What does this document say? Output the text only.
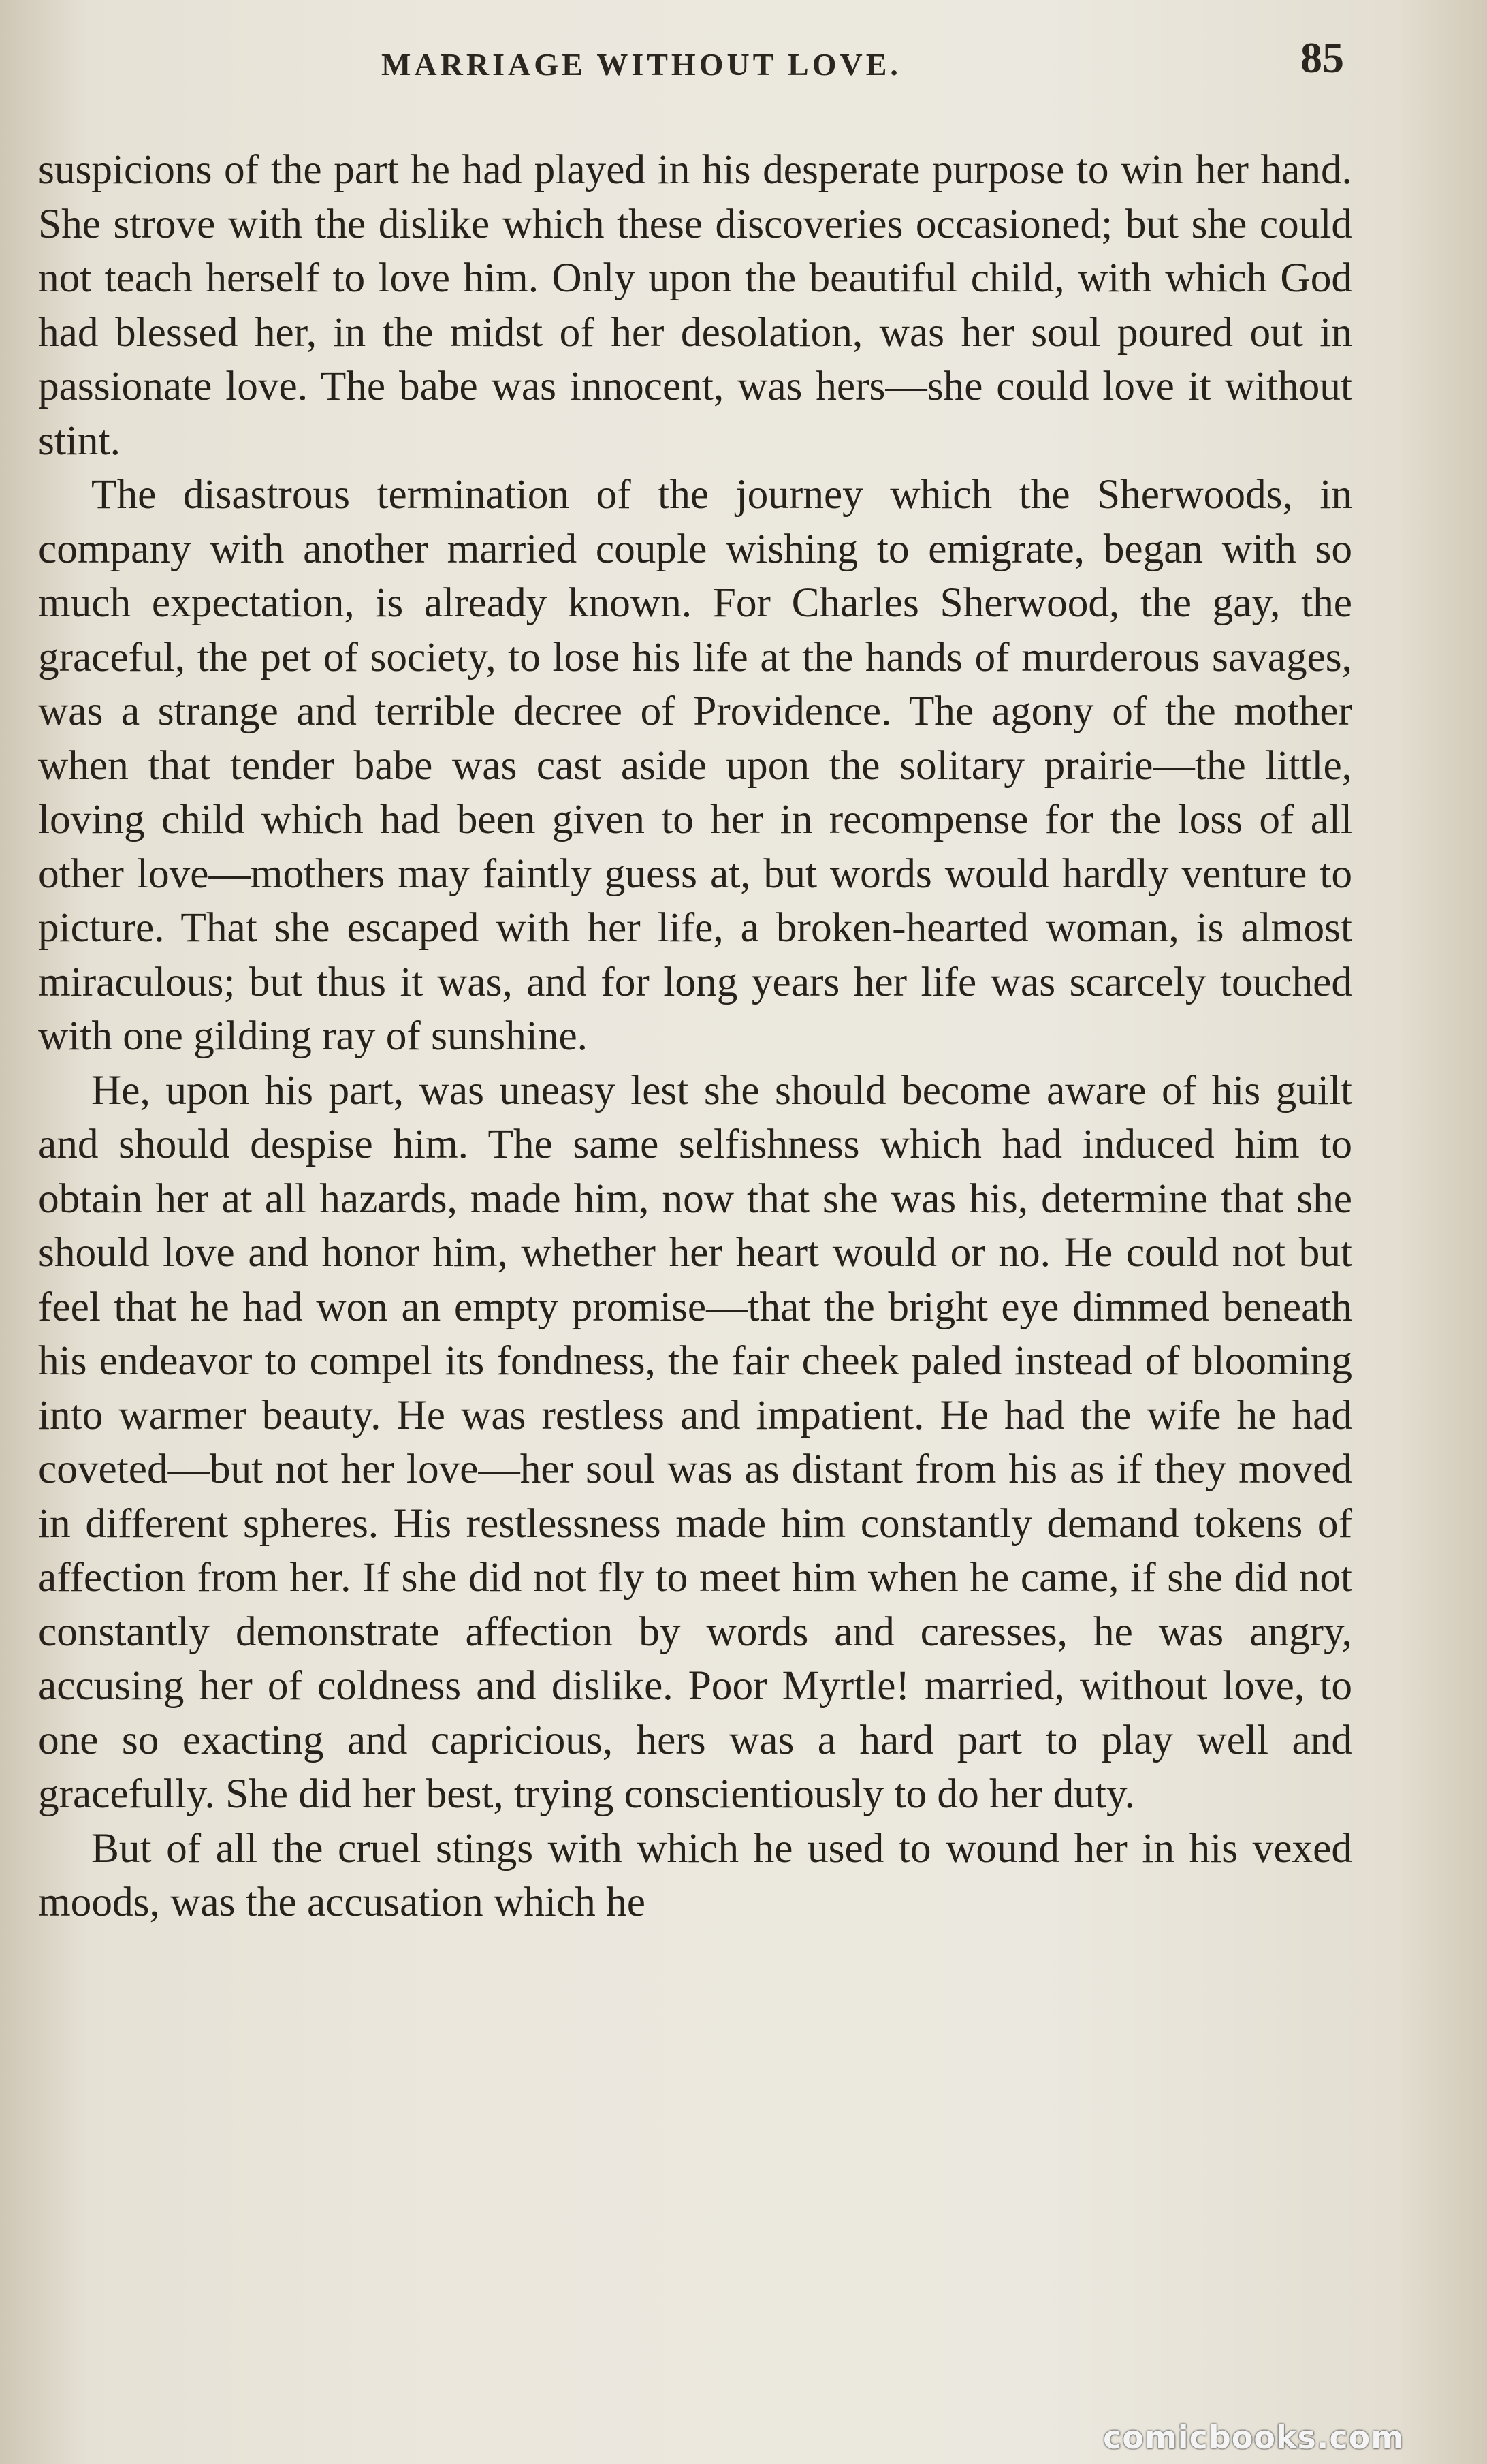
MARRIAGE WITHOUT LOVE.	85

suspicions of the part he had played in his desperate purpose to win her hand. She strove with the dislike which these discoveries occasioned; but she could not teach herself to love him. Only upon the beautiful child, with which God had blessed her, in the midst of her desolation, was her soul poured out in passionate love. The babe was innocent, was hers—she could love it without stint.

The disastrous termination of the journey which the Sherwoods, in company with another married couple wishing to emigrate, began with so much expectation, is already known. For Charles Sherwood, the gay, the graceful, the pet of society, to lose his life at the hands of murderous savages, was a strange and terrible decree of Providence. The agony of the mother when that tender babe was cast aside upon the solitary prairie—the little, loving child which had been given to her in recompense for the loss of all other love—mothers may faintly guess at, but words would hardly venture to picture. That she escaped with her life, a broken-hearted woman, is almost miraculous; but thus it was, and for long years her life was scarcely touched with one gilding ray of sunshine.

He, upon his part, was uneasy lest she should become aware of his guilt and should despise him. The same selfishness which had induced him to obtain her at all hazards, made him, now that she was his, determine that she should love and honor him, whether her heart would or no. He could not but feel that he had won an empty promise—that the bright eye dimmed beneath his endeavor to compel its fondness, the fair cheek paled instead of blooming into warmer beauty. He was restless and impatient. He had the wife he had coveted—but not her love—her soul was as distant from his as if they moved in different spheres. His restlessness made him constantly demand tokens of affection from her. If she did not fly to meet him when he came, if she did not constantly demonstrate affection by words and caresses, he was angry, accusing her of coldness and dislike. Poor Myrtle! married, without love, to one so exacting and capricious, hers was a hard part to play well and gracefully. She did her best, trying conscientiously to do her duty.

But of all the cruel stings with which he used to wound her in his vexed moods, was the accusation which he

comicbooks.com
